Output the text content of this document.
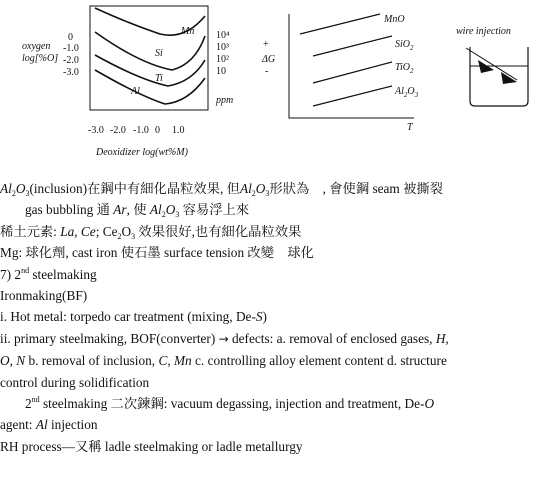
oxygen
log[%O]
0
-1.0
-2.0
-3.0
10⁴
10³
10²
10
ppm
Mn
Si
Ti
Al
-3.0 -2.0 -1.0 0 1.0
Deoxidizer log(wt%M)
+
ΔG
-
MnO
SiO$_2$
TiO$_2$
$Al_2O_3$
T
wire injection
$Al_2O_3(inclusion)$在鋼中有細化晶粒效果, 但$Al_2O_3$形狀為　, 會使鋼 seam 被撕裂
gas bubbling 通 Ar, 使 $Al_2O_3$ 容易浮上來
稀土元素: La, Ce; $Ce_2O_3$ 效果很好,也有細化晶粒效果
Mg: 球化劑, cast iron 使石墨 surface tension 改變　球化
7) 2nd steelmaking
Ironmaking(BF)
i. Hot metal: torpedo car treatment (mixing, De-S)
ii. primary steelmaking, BOF(converter) → defects: a. removal of enclosed gases, H,
O, N b. removal of inclusion, C, Mn c. controlling alloy element content d. structure
control during solidification
2nd steelmaking 二次鍊鋼: vacuum degassing, injection and treatment, De-O
agent: Al injection
RH process—又稱 ladle steelmaking or ladle metallurgy
